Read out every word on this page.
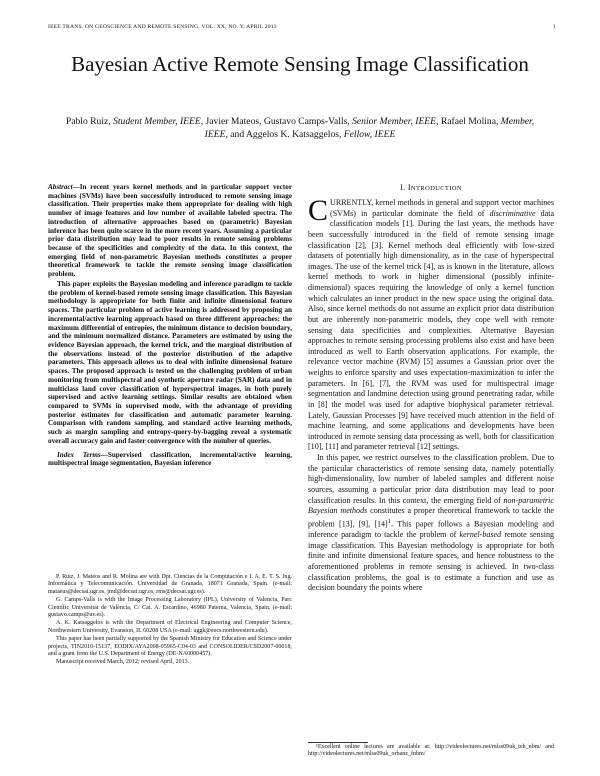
IEEE TRANS. ON GEOSCIENCE AND REMOTE SENSING, VOL. XX, NO. Y, APRIL 2013	1
Bayesian Active Remote Sensing Image Classification
Pablo Ruiz, Student Member, IEEE, Javier Mateos, Gustavo Camps-Valls, Senior Member, IEEE, Rafael Molina, Member, IEEE, and Aggelos K. Katsaggelos, Fellow, IEEE

Abstract—In recent years kernel methods and in particular support vector machines (SVMs) have been successfully introduced to remote sensing image classification. Their properties make them appropriate for dealing with high number of image features and low number of available labeled spectra. The introduction of alternative approaches based on (parametric) Bayesian inference has been quite scarce in the more recent years. Assuming a particular prior data distribution may lead to poor results in remote sensing problems because of the specificities and complexity of the data. In this context, the emerging field of non-parametric Bayesian methods constitutes a proper theoretical framework to tackle the remote sensing image classification problem.

This paper exploits the Bayesian modeling and inference paradigm to tackle the problem of kernel-based remote sensing image classification. This Bayesian methodology is appropriate for both finite and infinite dimensional feature spaces. The particular problem of active learning is addressed by proposing an incremental/active learning approach based on three different approaches: the maximum differential of entropies, the minimum distance to decision boundary, and the minimum normalized distance. Parameters are estimated by using the evidence Bayesian approach, the kernel trick, and the marginal distribution of the observations instead of the posterior distribution of the adaptive parameters. This approach allows us to deal with infinite dimensional feature spaces. The proposed approach is tested on the challenging problem of urban monitoring from multispectral and synthetic aperture radar (SAR) data and in multiclass land cover classification of hyperspectral images, in both purely supervised and active learning settings. Similar results are obtained when compared to SVMs in supervised mode, with the advantage of providing posterior estimates for classification and automatic parameter learning. Comparison with random sampling, and standard active learning methods, such as margin sampling and entropy-query-by-bagging reveal a systematic overall accuracy gain and faster convergence with the number of queries.

Index Terms—Supervised classification, incremental/active learning, multispectral image segmentation, Bayesian inference

P. Ruiz, J. Mateos and R. Molina are with Dpt. Ciencias de la Computación e I. A. E. T. S. Ing. Informática y Telecomunicación. Universidad de Granada, 18071 Granada, Spain. (e-mail: mataeus@decsai.ugr.es, jmd@decsai.ugr.es, rms@decsai.ugr.es).

G. Camps-Valls is with the Image Processing Laboratory (IPL), University of Valencia, Parc Científic Universitat de València, C/ Cat. A. Escardino, 46980 Paterna, Valencia, Spain. (e-mail: gustavo.camps@uv.es).

A. K. Katsaggelos is with the Department of Electrical Engineering and Computer Science, Northwestern University, Evanston, IL 60208 USA (e-mail: aggk@eecs.northwestern.edu).

This paper has been partially supported by the Spanish Ministry for Education and Science under projects, TIN2010-15137, EODIX/AYA2008-05965-C04-03 and CONSOLIDER/CSD2007-00018, and a grant from the U.S. Department of Energy (DE-NA0000457).

Manuscript received March, 2012; revised April, 2013.

I. INTRODUCTION

CURRENTLY, kernel methods in general and support vector machines (SVMs) in particular dominate the field of discriminative data classification models [1]. During the last years, the methods have been successfully introduced in the field of remote sensing image classification [2], [3]. Kernel methods deal efficiently with low-sized datasets of potentially high dimensionality, as in the case of hyperspectral images. The use of the kernel trick [4], as is known in the literature, allows kernel methods to work in higher dimensional (possibly infinite-dimensional) spaces requiring the knowledge of only a kernel function which calculates an inner product in the new space using the original data. Also, since kernel methods do not assume an explicit prior data distribution but are inherently non-parametric models, they cope well with remote sensing data specificities and complexities. Alternative Bayesian approaches to remote sensing processing problems also exist and have been introduced as well to Earth observation applications. For example, the relevance vector machine (RVM) [5] assumes a Gaussian prior over the weights to enforce sparsity and uses expectation-maximization to infer the parameters. In [6], [7], the RVM was used for multispectral image segmentation and landmine detection using ground penetrating radar, while in [8] the model was used for adaptive biophysical parameter retrieval. Lately, Gaussian Processes [9] have received much attention in the field of machine learning, and some applications and developments have been introduced in remote sensing data processing as well, both for classification [10], [11] and parameter retrieval [12] settings.

In this paper, we restrict ourselves to the classification problem. Due to the particular characteristics of remote sensing data, namely potentially high-dimensionality, low number of labeled samples and different noise sources, assuming a particular prior data distribution may lead to poor classification results. In this context, the emerging field of non-parametric Bayesian methods constitutes a proper theoretical framework to tackle the problem [13], [9], $[14]^1$. This paper follows a Bayesian modeling and inference paradigm to tackle the problem of kernel-based remote sensing image classification. This Bayesian methodology is appropriate for both finite and infinite dimensional feature spaces, and hence robustness to the aforementioned problems in remote sensing is achieved. In two-class classification problems, the goal is to estimate a function and use as decision boundary the points where

¹Excellent online lectures are available at: http://videolectures.net/mlss09uk_teh_nbm/ and http://videolectures.net/mlss09uk_orbanz_fnbm/
